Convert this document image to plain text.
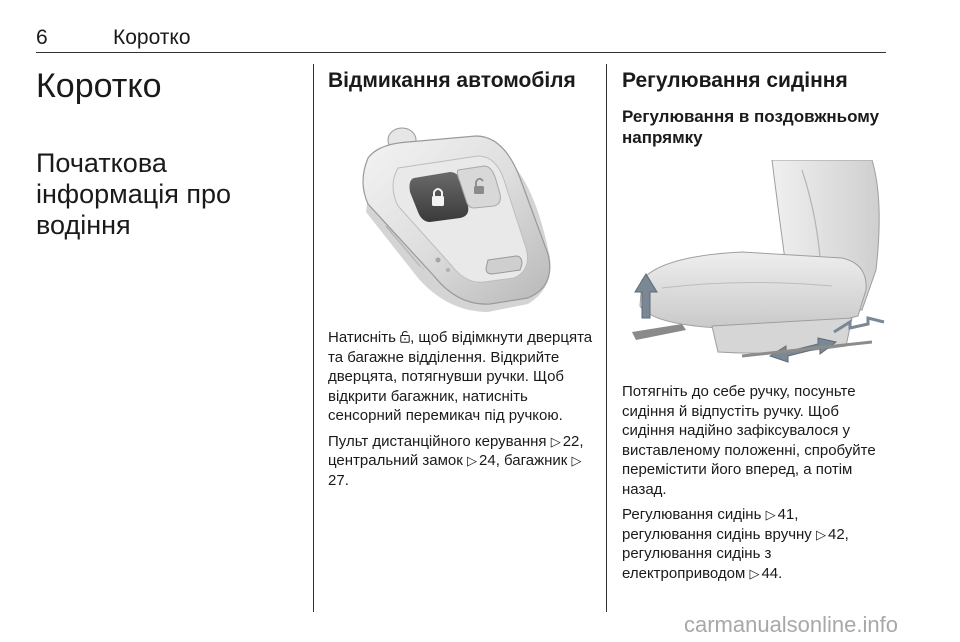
6	Коротко
Коротко
Початкова інформація про водіння
Відмикання автомобіля

Натисніть , щоб відімкнути дверцята та багажне відділення. Відкрийте дверцята, потягнувши ручки. Щоб відкрити багажник, натисніть сенсорний перемикач під ручкою.

Пульт дистанційного керування ▷ 22, центральний замок ▷ 24, багажник ▷27.

Регулювання сидіння
Регулювання в поздовжньому напрямку

Потягніть до себе ручку, посуньте сидіння й відпустіть ручку. Щоб сидіння надійно зафіксувалося у виставленому положенні, спробуйте перемістити його вперед, а потім назад.

Регулювання сидінь ▷ 41, регулювання сидінь вручну ▷ 42, регулювання сидінь з електроприводом ▷ 44.

carmanualsonline.info
